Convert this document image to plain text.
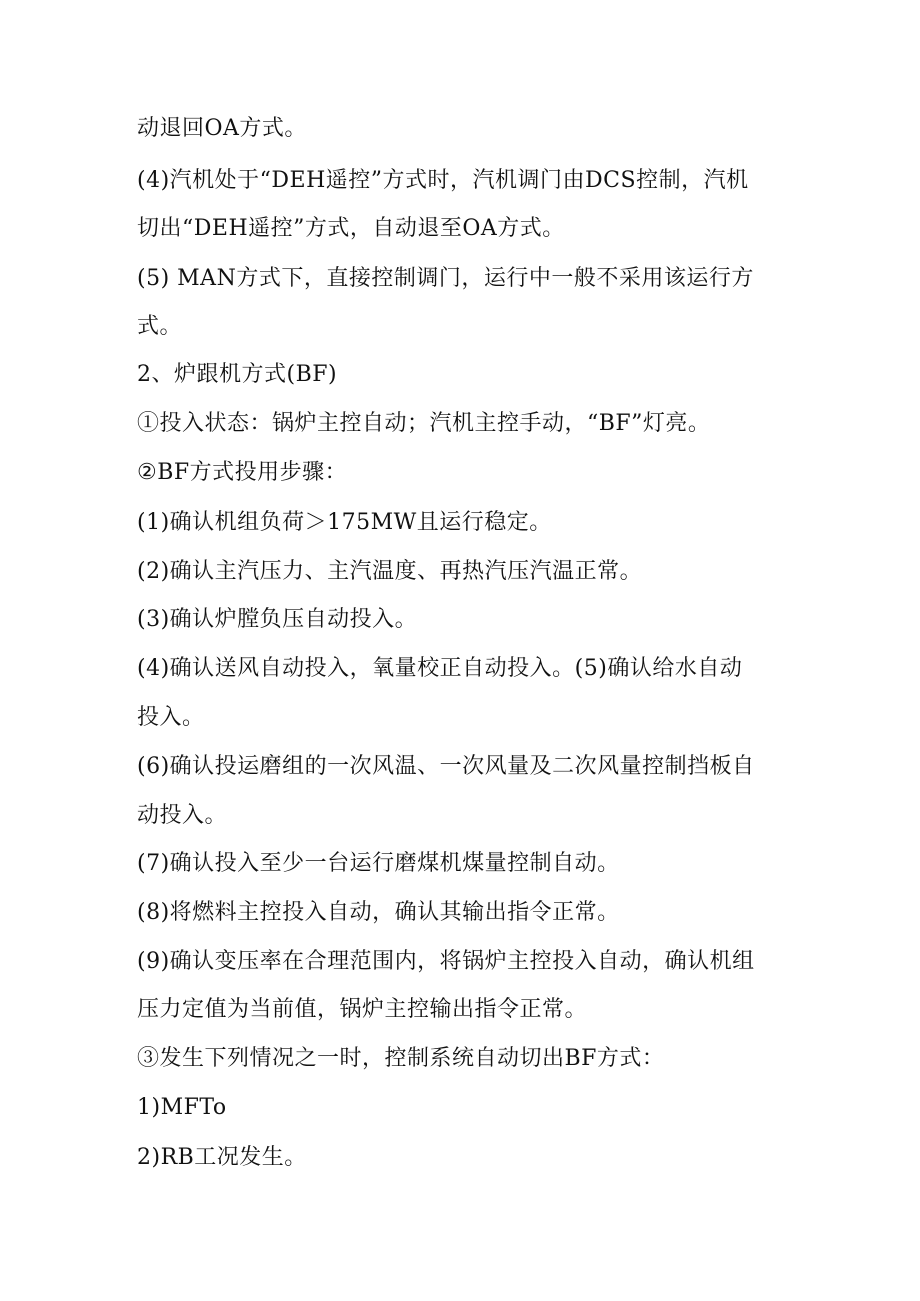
动退回OA方式。
(4)汽机处于“DEH遥控”方式时，汽机调门由DCS控制，汽机
切出“DEH遥控”方式，自动退至OA方式。
(5) MAN方式下，直接控制调门，运行中一般不采用该运行方
式。
2、炉跟机方式(BF)
①投入状态：锅炉主控自动；汽机主控手动，“BF”灯亮。
②BF方式投用步骤：
(1)确认机组负荷＞175MW且运行稳定。
(2)确认主汽压力、主汽温度、再热汽压汽温正常。
(3)确认炉膛负压自动投入。
(4)确认送风自动投入，氧量校正自动投入。(5)确认给水自动
投入。
(6)确认投运磨组的一次风温、一次风量及二次风量控制挡板自
动投入。
(7)确认投入至少一台运行磨煤机煤量控制自动。
(8)将燃料主控投入自动，确认其输出指令正常。
(9)确认变压率在合理范围内，将锅炉主控投入自动，确认机组
压力定值为当前值，锅炉主控输出指令正常。
③发生下列情况之一时，控制系统自动切出BF方式：
1)MFTo
2)RB工况发生。
